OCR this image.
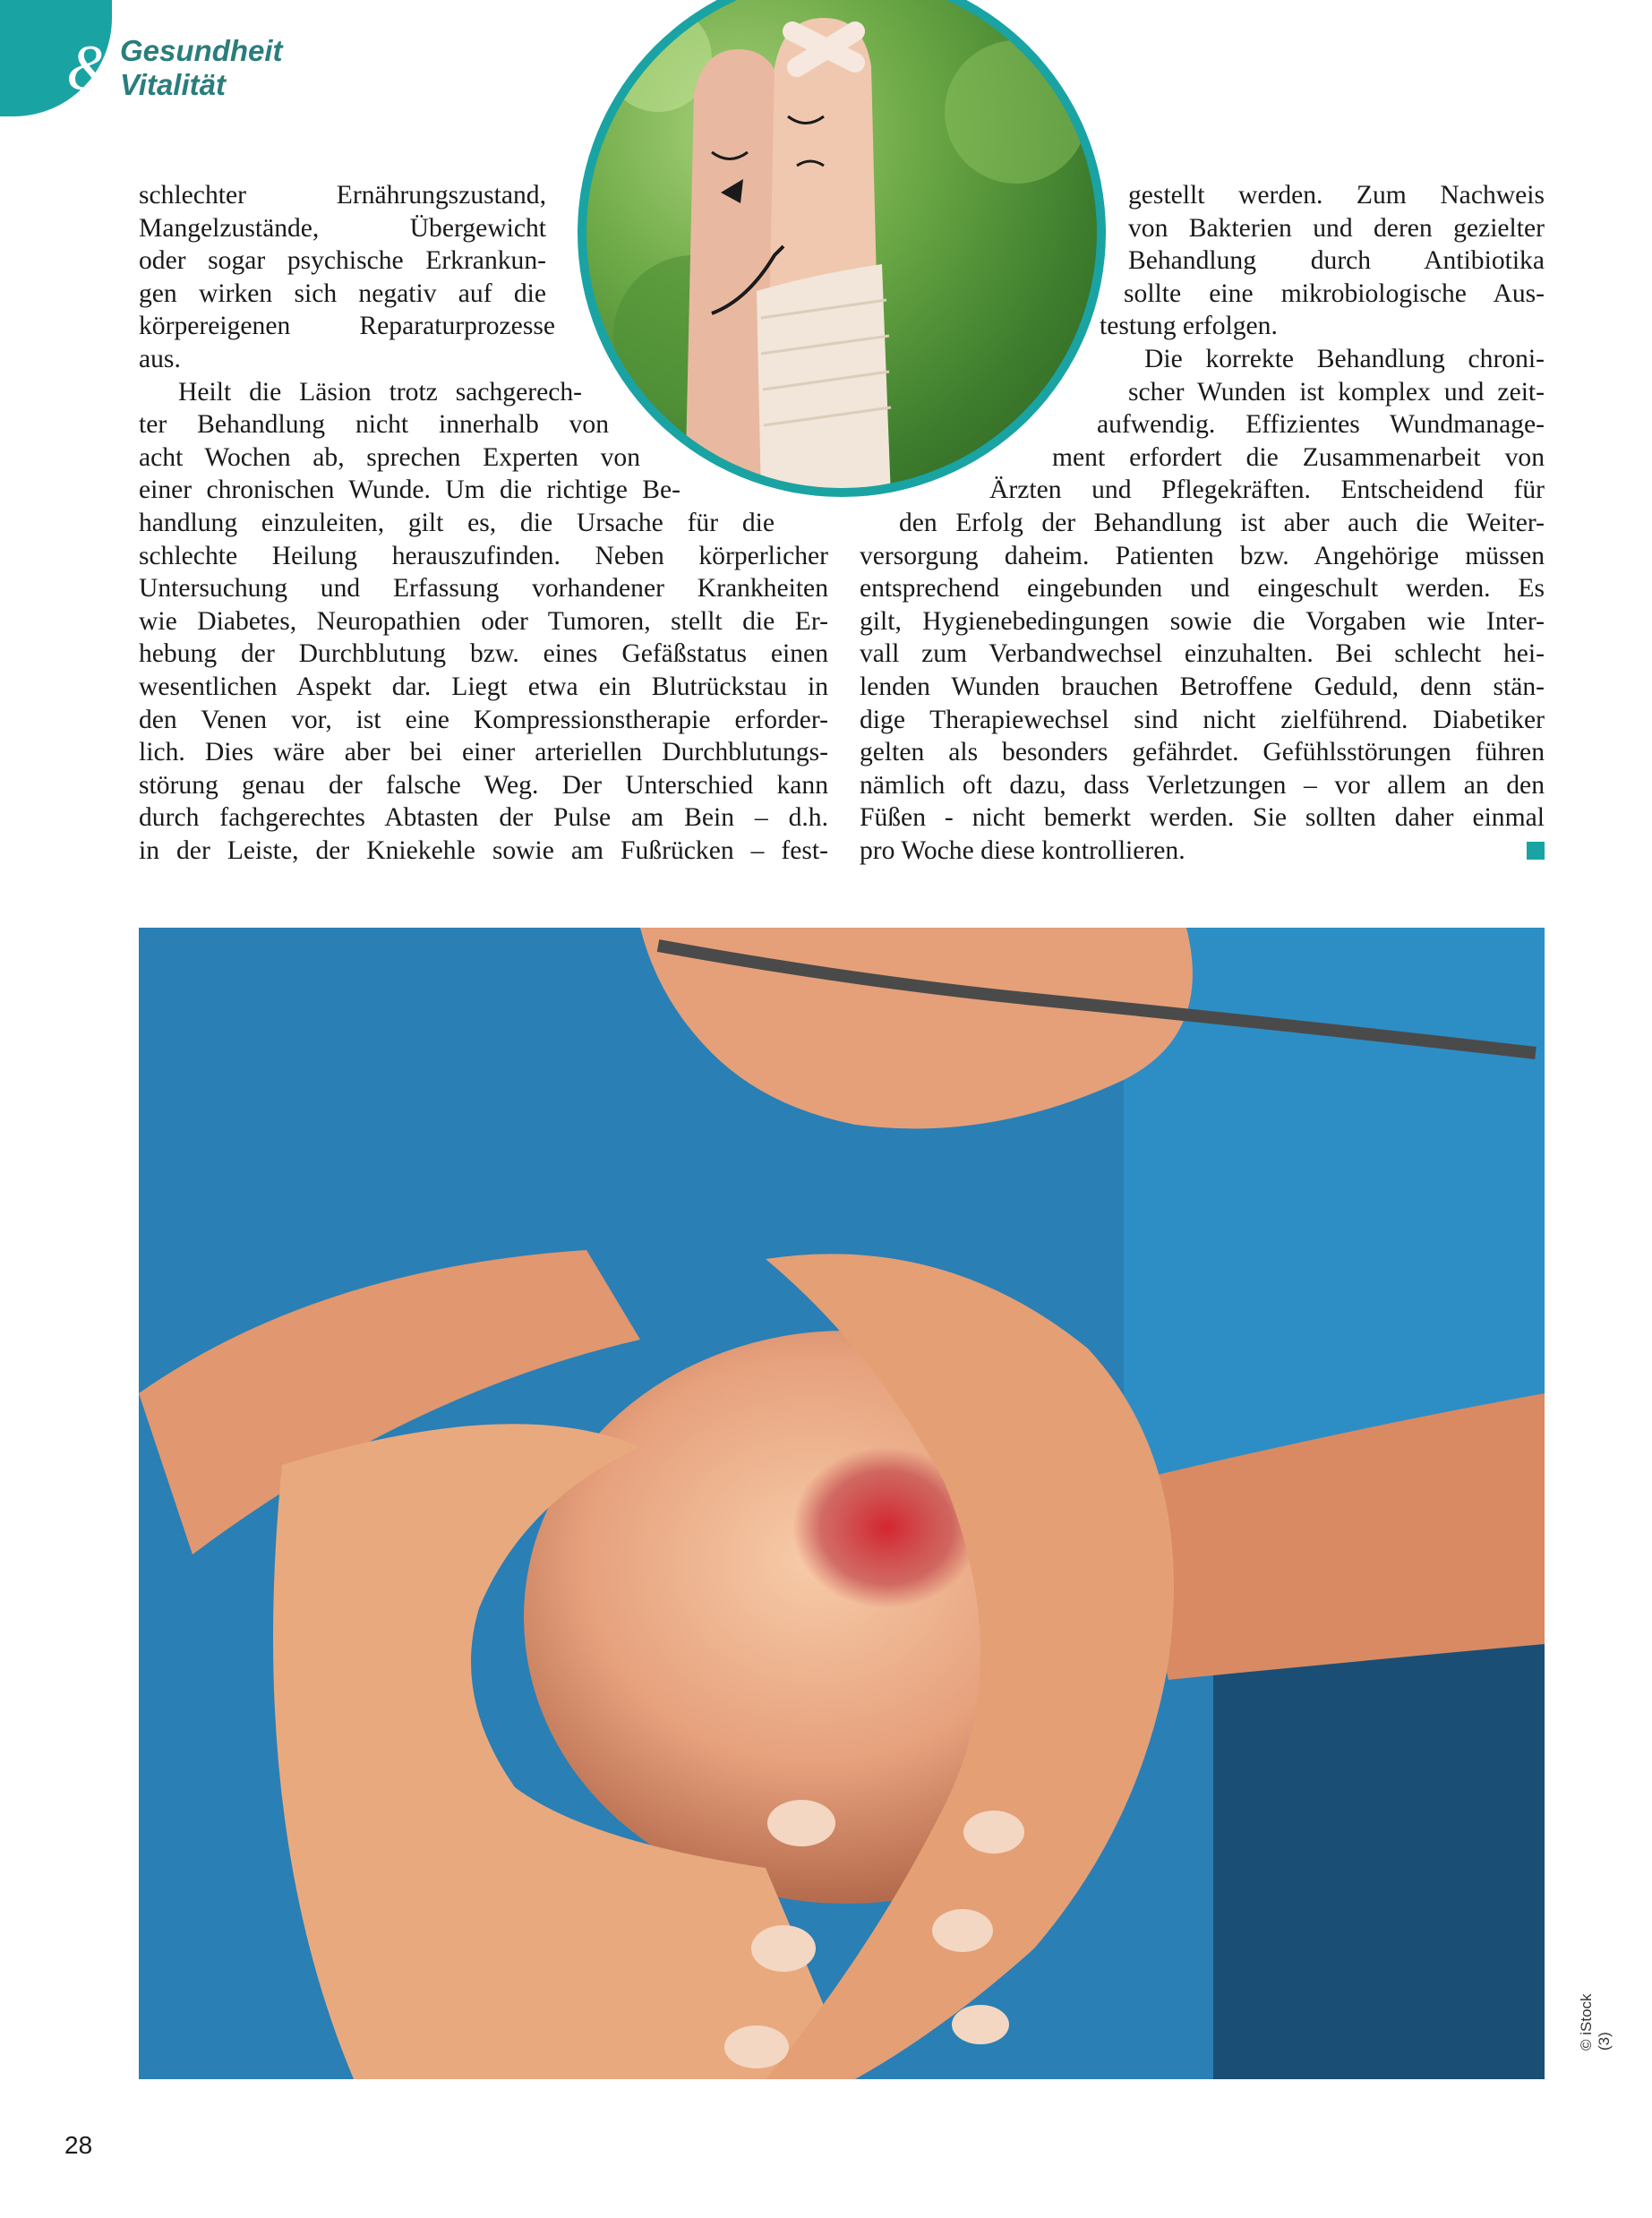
& Gesundheit
Vitalität
schlechter Ernährungszustand,
Mangelzustände, Übergewicht
oder sogar psychische Erkrankun-
gen wirken sich negativ auf die
körpereigenen Reparaturprozesse
aus.
Heilt die Läsion trotz sachgerech-
ter Behandlung nicht innerhalb von
acht Wochen ab, sprechen Experten von
einer chronischen Wunde. Um die richtige Be-
handlung einzuleiten, gilt es, die Ursache für die
schlechte Heilung herauszufinden. Neben körperlicher
Untersuchung und Erfassung vorhandener Krankheiten
wie Diabetes, Neuropathien oder Tumoren, stellt die Er-
hebung der Durchblutung bzw. eines Gefäßstatus einen
wesentlichen Aspekt dar. Liegt etwa ein Blutrückstau in
den Venen vor, ist eine Kompressionstherapie erforder-
lich. Dies wäre aber bei einer arteriellen Durchblutungs-
störung genau der falsche Weg. Der Unterschied kann
durch fachgerechtes Abtasten der Pulse am Bein – d.h.
in der Leiste, der Kniekehle sowie am Fußrücken – fest-
gestellt werden. Zum Nachweis
von Bakterien und deren gezielter
Behandlung durch Antibiotika
sollte eine mikrobiologische Aus-
testung erfolgen.
Die korrekte Behandlung chroni-
scher Wunden ist komplex und zeit-
aufwendig. Effizientes Wundmanage-
ment erfordert die Zusammenarbeit von
Ärzten und Pflegekräften. Entscheidend für
den Erfolg der Behandlung ist aber auch die Weiter-
versorgung daheim. Patienten bzw. Angehörige müssen
entsprechend eingebunden und eingeschult werden. Es
gilt, Hygienebedingungen sowie die Vorgaben wie Inter-
vall zum Verbandwechsel einzuhalten. Bei schlecht hei-
lenden Wunden brauchen Betroffene Geduld, denn stän-
dige Therapiewechsel sind nicht zielführend. Diabetiker
gelten als besonders gefährdet. Gefühlsstörungen führen
nämlich oft dazu, dass Verletzungen – vor allem an den
Füßen - nicht bemerkt werden. Sie sollten daher einmal
pro Woche diese kontrollieren.
© iStock (3)
28
